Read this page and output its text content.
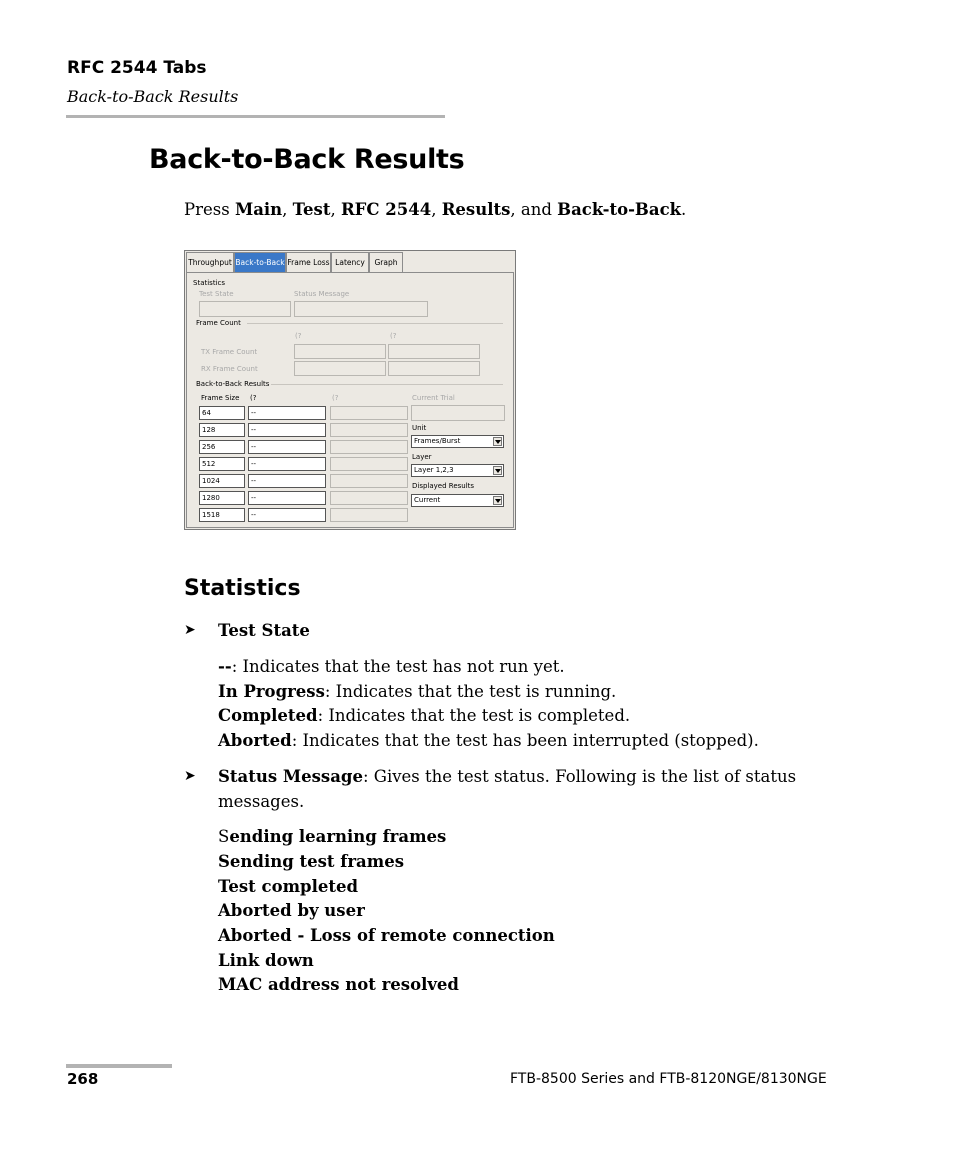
RFC 2544 Tabs
Back-to-Back Results
Back-to-Back Results
Press Main, Test, RFC 2544, Results, and Back-to-Back.
Throughput Back-to-Back Frame Loss Latency	Graph
Statistics
Test State	Status Message
Frame Count
(?	(?
TX Frame Count
RX Frame Count
Back-to-Back Results
Frame Size (?	(?	Current Trial
64	--
128	--
256	--
512	--
1024	--
1280	--
1518	--
Unit
Frames/Burst
Layer
Layer 1,2,3
Displayed Results
Current
Statistics
➤ Test State
--: Indicates that the test has not run yet.
In Progress: Indicates that the test is running.
Completed: Indicates that the test is completed.
Aborted: Indicates that the test has been interrupted (stopped).
➤ Status Message: Gives the test status. Following is the list of status
messages.
Sending learning frames
Sending test frames
Test completed
Aborted by user
Aborted - Loss of remote connection
Link down
MAC address not resolved
268	FTB-8500 Series and FTB-8120NGE/8130NGE
